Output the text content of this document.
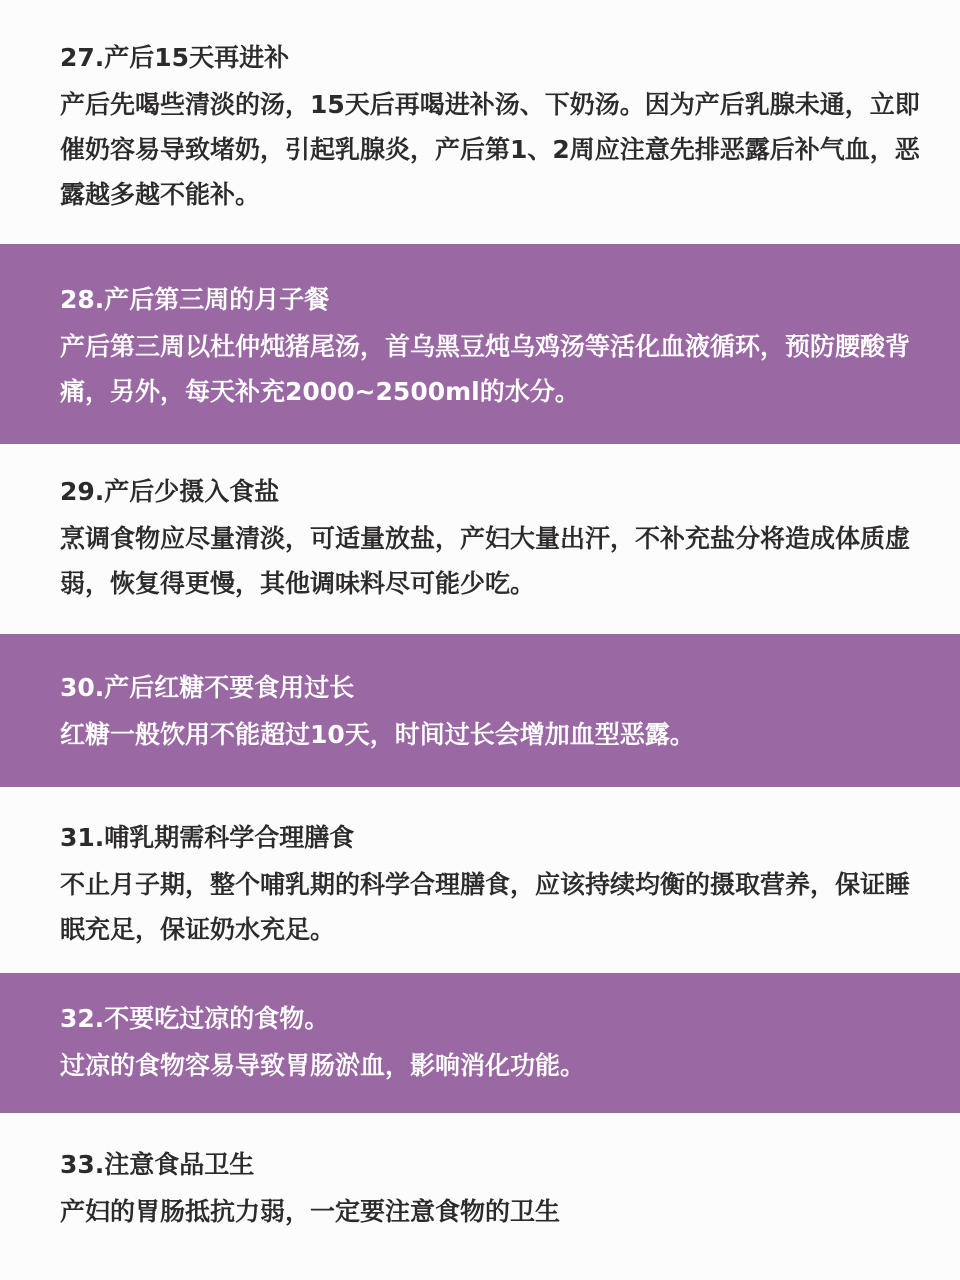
27.产后15天再进补

产后先喝些清淡的汤，15天后再喝进补汤、下奶汤。因为产后乳腺未通，立即催奶容易导致堵奶，引起乳腺炎，产后第1、2周应注意先排恶露后补气血，恶露越多越不能补。

28.产后第三周的月子餐

产后第三周以杜仲炖猪尾汤，首乌黑豆炖乌鸡汤等活化血液循环，预防腰酸背痛，另外，每天补充2000~2500ml的水分。

29.产后少摄入食盐

烹调食物应尽量清淡，可适量放盐，产妇大量出汗，不补充盐分将造成体质虚弱，恢复得更慢，其他调味料尽可能少吃。

30.产后红糖不要食用过长

红糖一般饮用不能超过10天，时间过长会增加血型恶露。

31.哺乳期需科学合理膳食

不止月子期，整个哺乳期的科学合理膳食，应该持续均衡的摄取营养，保证睡眠充足，保证奶水充足。

32.不要吃过凉的食物。

过凉的食物容易导致胃肠淤血，影响消化功能。

33.注意食品卫生

产妇的胃肠抵抗力弱，一定要注意食物的卫生
